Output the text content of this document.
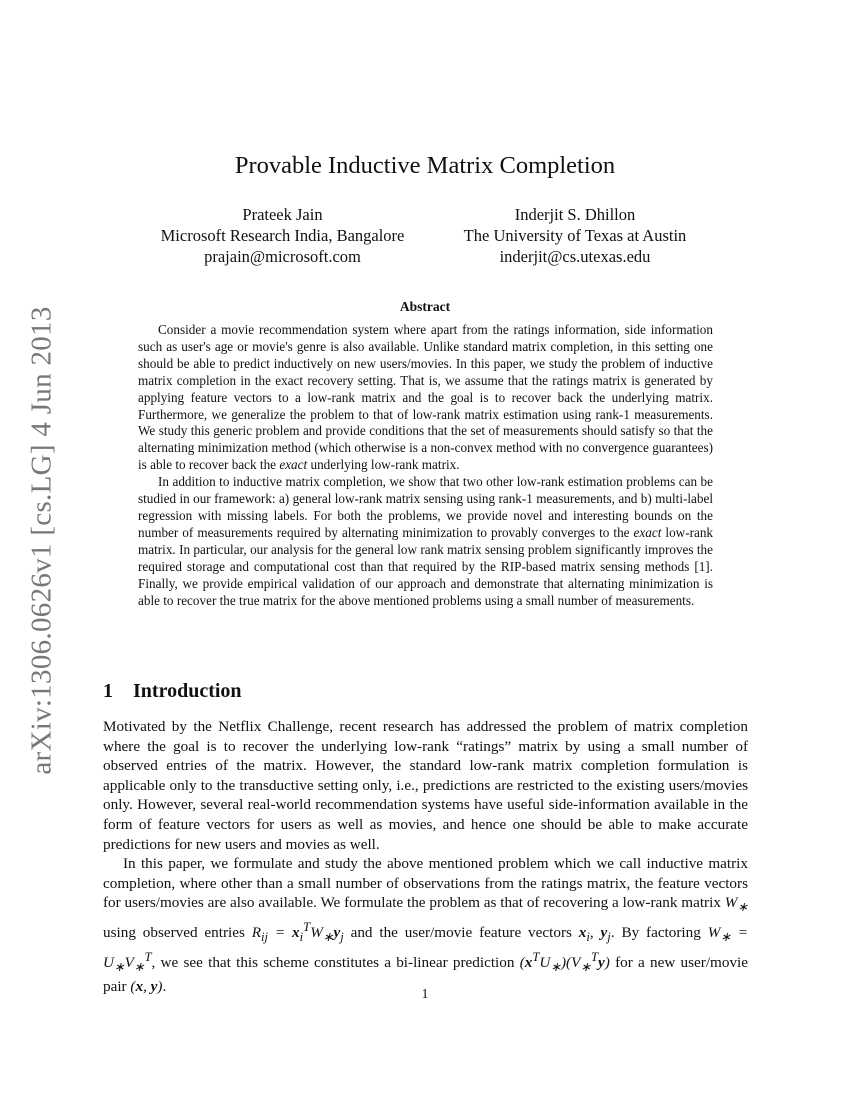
arXiv:1306.0626v1 [cs.LG] 4 Jun 2013
Provable Inductive Matrix Completion
Prateek Jain
Microsoft Research India, Bangalore
prajain@microsoft.com
Inderjit S. Dhillon
The University of Texas at Austin
inderjit@cs.utexas.edu
Abstract

Consider a movie recommendation system where apart from the ratings information, side information such as user's age or movie's genre is also available. Unlike standard matrix completion, in this setting one should be able to predict inductively on new users/movies. In this paper, we study the problem of inductive matrix completion in the exact recovery setting. That is, we assume that the ratings matrix is generated by applying feature vectors to a low-rank matrix and the goal is to recover back the underlying matrix. Furthermore, we generalize the problem to that of low-rank matrix estimation using rank-1 measurements. We study this generic problem and provide conditions that the set of measurements should satisfy so that the alternating minimization method (which otherwise is a non-convex method with no convergence guarantees) is able to recover back the exact underlying low-rank matrix.

In addition to inductive matrix completion, we show that two other low-rank estimation problems can be studied in our framework: a) general low-rank matrix sensing using rank-1 measurements, and b) multi-label regression with missing labels. For both the problems, we provide novel and interesting bounds on the number of measurements required by alternating minimization to provably converges to the exact low-rank matrix. In particular, our analysis for the general low rank matrix sensing problem significantly improves the required storage and computational cost than that required by the RIP-based matrix sensing methods [1]. Finally, we provide empirical validation of our approach and demonstrate that alternating minimization is able to recover the true matrix for the above mentioned problems using a small number of measurements.

1 Introduction

Motivated by the Netflix Challenge, recent research has addressed the problem of matrix completion where the goal is to recover the underlying low-rank “ratings” matrix by using a small number of observed entries of the matrix. However, the standard low-rank matrix completion formulation is applicable only to the transductive setting only, i.e., predictions are restricted to the existing users/movies only. However, several real-world recommendation systems have useful side-information available in the form of feature vectors for users as well as movies, and hence one should be able to make accurate predictions for new users and movies as well.

In this paper, we formulate and study the above mentioned problem which we call inductive matrix completion, where other than a small number of observations from the ratings matrix, the feature vectors for users/movies are also available. We formulate the problem as that of recovering a low-rank matrix $W_∗$ using observed entries $R_{ij} = x_i^TW_∗y_j$ and the user/movie feature vectors $x_i$, $y_j$. By factoring $W_∗ = U_∗V_∗^T$, we see that this scheme constitutes a bi-linear prediction $(x^TU_∗)(V_∗^Ty)$ for a new user/movie pair (x, y).	1
